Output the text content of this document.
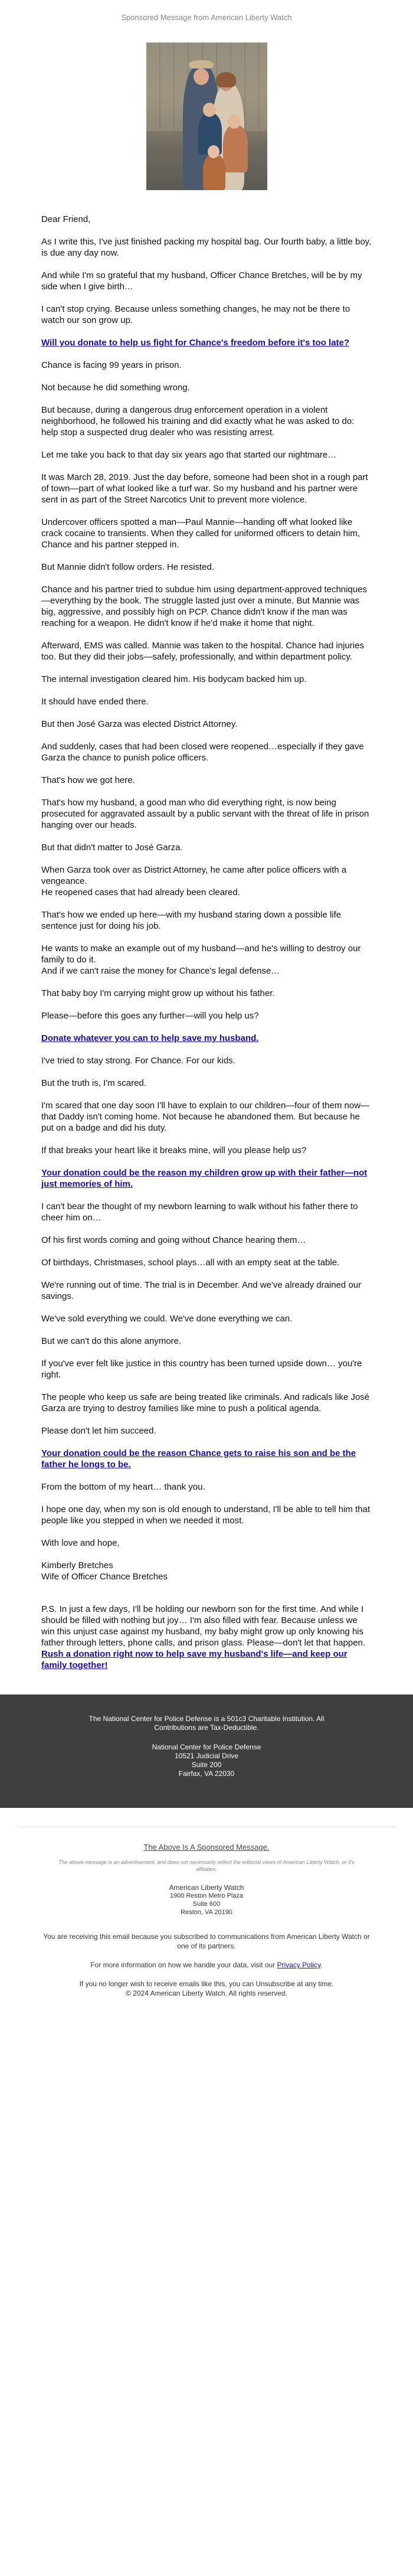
Sponsored Message from American Liberty Watch

Dear Friend,

As I write this, I've just finished packing my hospital bag. Our fourth baby, a little boy, is due any day now.

And while I'm so grateful that my husband, Officer Chance Bretches, will be by my side when I give birth…

I can't stop crying. Because unless something changes, he may not be there to watch our son grow up.

Will you donate to help us fight for Chance's freedom before it's too late?

Chance is facing 99 years in prison.

Not because he did something wrong.

But because, during a dangerous drug enforcement operation in a violent neighborhood, he followed his training and did exactly what he was asked to do: help stop a suspected drug dealer who was resisting arrest.

Let me take you back to that day six years ago that started our nightmare…

It was March 28, 2019. Just the day before, someone had been shot in a rough part of town—part of what looked like a turf war. So my husband and his partner were sent in as part of the Street Narcotics Unit to prevent more violence.

Undercover officers spotted a man—Paul Mannie—handing off what looked like crack cocaine to transients. When they called for uniformed officers to detain him, Chance and his partner stepped in.

But Mannie didn't follow orders. He resisted.

Chance and his partner tried to subdue him using department-approved techniques—everything by the book. The struggle lasted just over a minute. But Mannie was big, aggressive, and possibly high on PCP. Chance didn't know if the man was reaching for a weapon. He didn't know if he'd make it home that night.

Afterward, EMS was called. Mannie was taken to the hospital. Chance had injuries too. But they did their jobs—safely, professionally, and within department policy.

The internal investigation cleared him. His bodycam backed him up.

It should have ended there.

But then José Garza was elected District Attorney.

And suddenly, cases that had been closed were reopened…especially if they gave Garza the chance to punish police officers.

That's how we got here.

That's how my husband, a good man who did everything right, is now being prosecuted for aggravated assault by a public servant with the threat of life in prison hanging over our heads.

But that didn't matter to José Garza.

When Garza took over as District Attorney, he came after police officers with a vengeance.
He reopened cases that had already been cleared.

That's how we ended up here—with my husband staring down a possible life sentence just for doing his job.

He wants to make an example out of my husband—and he's willing to destroy our family to do it.
And if we can't raise the money for Chance's legal defense…

That baby boy I'm carrying might grow up without his father.

Please—before this goes any further—will you help us?

Donate whatever you can to help save my husband.

I've tried to stay strong. For Chance. For our kids.

But the truth is, I'm scared.

I'm scared that one day soon I'll have to explain to our children—four of them now—that Daddy isn't coming home. Not because he abandoned them. But because he put on a badge and did his duty.

If that breaks your heart like it breaks mine, will you please help us?

Your donation could be the reason my children grow up with their father—not just memories of him.

I can't bear the thought of my newborn learning to walk without his father there to cheer him on…

Of his first words coming and going without Chance hearing them…

Of birthdays, Christmases, school plays…all with an empty seat at the table.

We're running out of time. The trial is in December. And we've already drained our savings.

We've sold everything we could. We've done everything we can.

But we can't do this alone anymore.

If you've ever felt like justice in this country has been turned upside down… you're right.

The people who keep us safe are being treated like criminals. And radicals like José Garza are trying to destroy families like mine to push a political agenda.

Please don't let him succeed.

Your donation could be the reason Chance gets to raise his son and be the father he longs to be.

From the bottom of my heart… thank you.

I hope one day, when my son is old enough to understand, I'll be able to tell him that people like you stepped in when we needed it most.

With love and hope,

Kimberly Bretches
Wife of Officer Chance Bretches

P.S. In just a few days, I'll be holding our newborn son for the first time. And while I should be filled with nothing but joy… I'm also filled with fear. Because unless we win this unjust case against my husband, my baby might grow up only knowing his father through letters, phone calls, and prison glass. Please—don't let that happen. Rush a donation right now to help save my husband's life—and keep our family together!

The National Center for Police Defense is a 501c3 Charitable Institution. All Contributions are Tax-Deductible.
National Center for Police Defense
10521 Judicial Drive
Suite 200
Fairfax, VA 22030
The Above Is A Sponsored Message.
The above message is an advertisement, and does not necessarily reflect the editorial views of American Liberty Watch, or it's affiliates.
American Liberty Watch
1900 Reston Metro Plaza
Suite 600
Reston, VA 20190

You are receiving this email because you subscribed to communications from American Liberty Watch or one of its partners.

For more information on how we handle your data, visit our Privacy Policy.

If you no longer wish to receive emails like this, you can Unsubscribe at any time.
© 2024 American Liberty Watch. All rights reserved.
